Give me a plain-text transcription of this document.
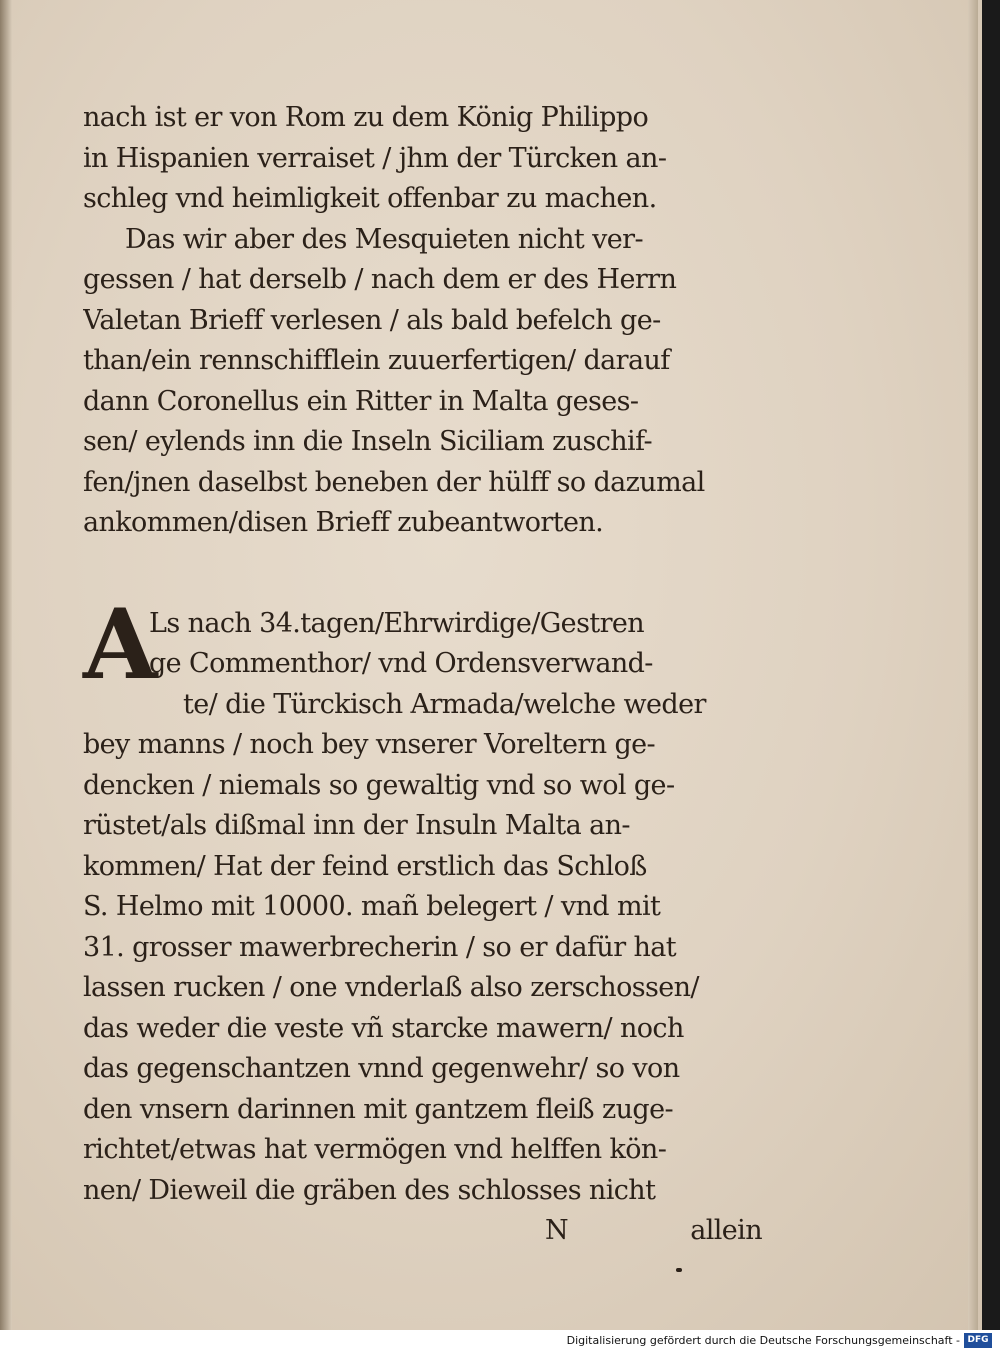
nach ist er von Rom zu dem König Philippo
in Hispanien verraiset / jhm der Türcken an-
schleg vnd heimligkeit offenbar zu machen.
Das wir aber des Mesquieten nicht ver-
gessen / hat derselb / nach dem er des Herrn
Valetan Brieff verlesen / als bald befelch ge-
than/ein rennschifflein zuuerfertigen/ darauf
dann Coronellus ein Ritter in Malta geses-
sen/ eylends inn die Inseln Siciliam zuschif-
fen/jnen daselbst beneben der hülff so dazumal
ankommen/disen Brieff zubeantworten.
A
Ls nach 34.tagen/Ehrwirdige/Gestren
ge Commenthor/ vnd Ordensverwand-
te/ die Türckisch Armada/welche weder
bey manns / noch bey vnserer Voreltern ge-
dencken / niemals so gewaltig vnd so wol ge-
rüstet/als dißmal inn der Insuln Malta an-
kommen/ Hat der feind erstlich das Schloß
S. Helmo mit 10000. mañ belegert / vnd mit
31. grosser mawerbrecherin / so er dafür hat
lassen rucken / one vnderlaß also zerschossen/
das weder die veste vñ starcke mawern/ noch
das gegenschantzen vnnd gegenwehr/ so von
den vnsern darinnen mit gantzem fleiß zuge-
richtet/etwas hat vermögen vnd helffen kön-
nen/ Dieweil die gräben des schlosses nicht
N	allein
Digitalisierung gefördert durch die Deutsche Forschungsgemeinschaft - DFG
